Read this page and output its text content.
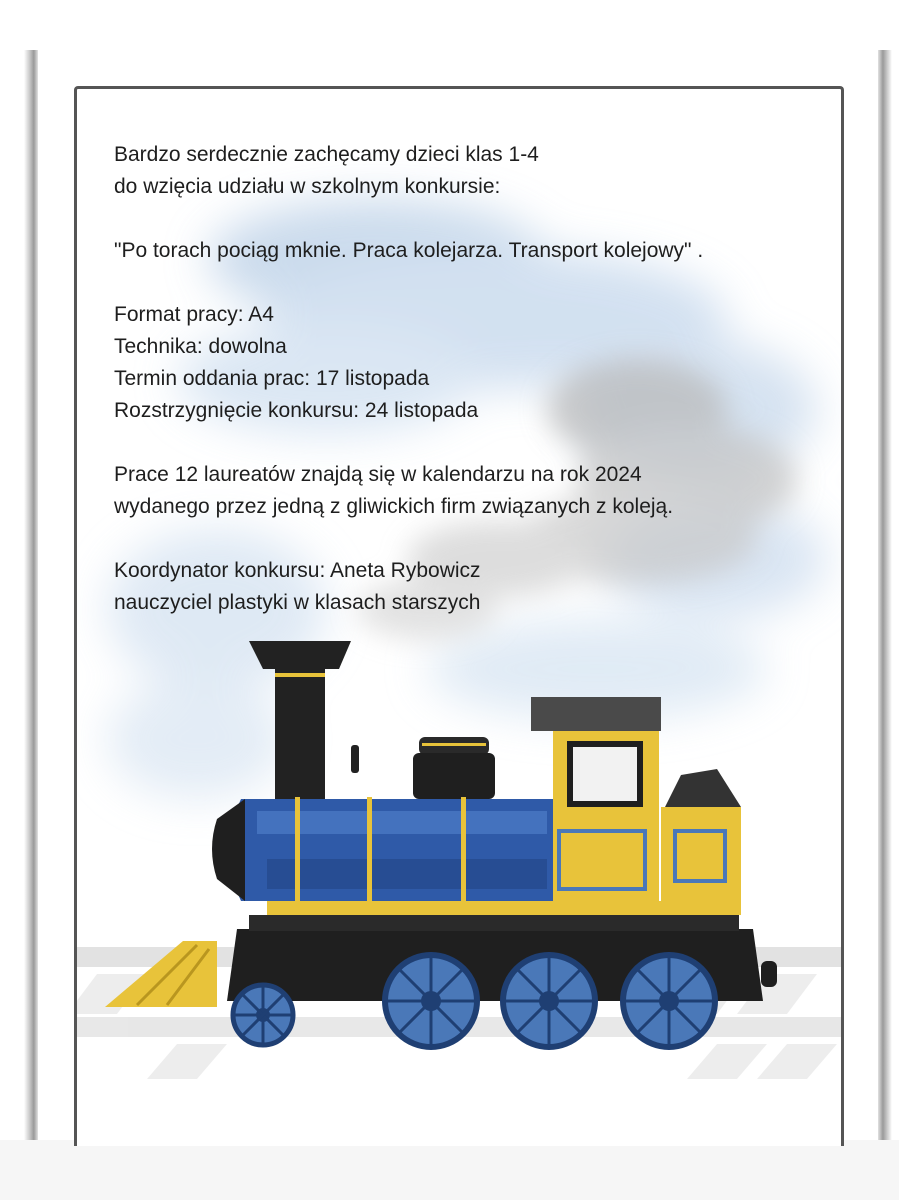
Bardzo serdecznie zachęcamy dzieci klas 1-4

do wzięcia udziału w szkolnym konkursie:

"Po torach pociąg mknie. Praca kolejarza. Transport kolejowy" .

Format pracy: A4

Technika: dowolna

Termin oddania prac: 17 listopada

Rozstrzygnięcie konkursu: 24 listopada

Prace 12 laureatów znajdą się w kalendarzu na rok 2024

wydanego przez jedną z gliwickich firm związanych z koleją.

Koordynator konkursu: Aneta Rybowicz

nauczyciel plastyki w klasach starszych
